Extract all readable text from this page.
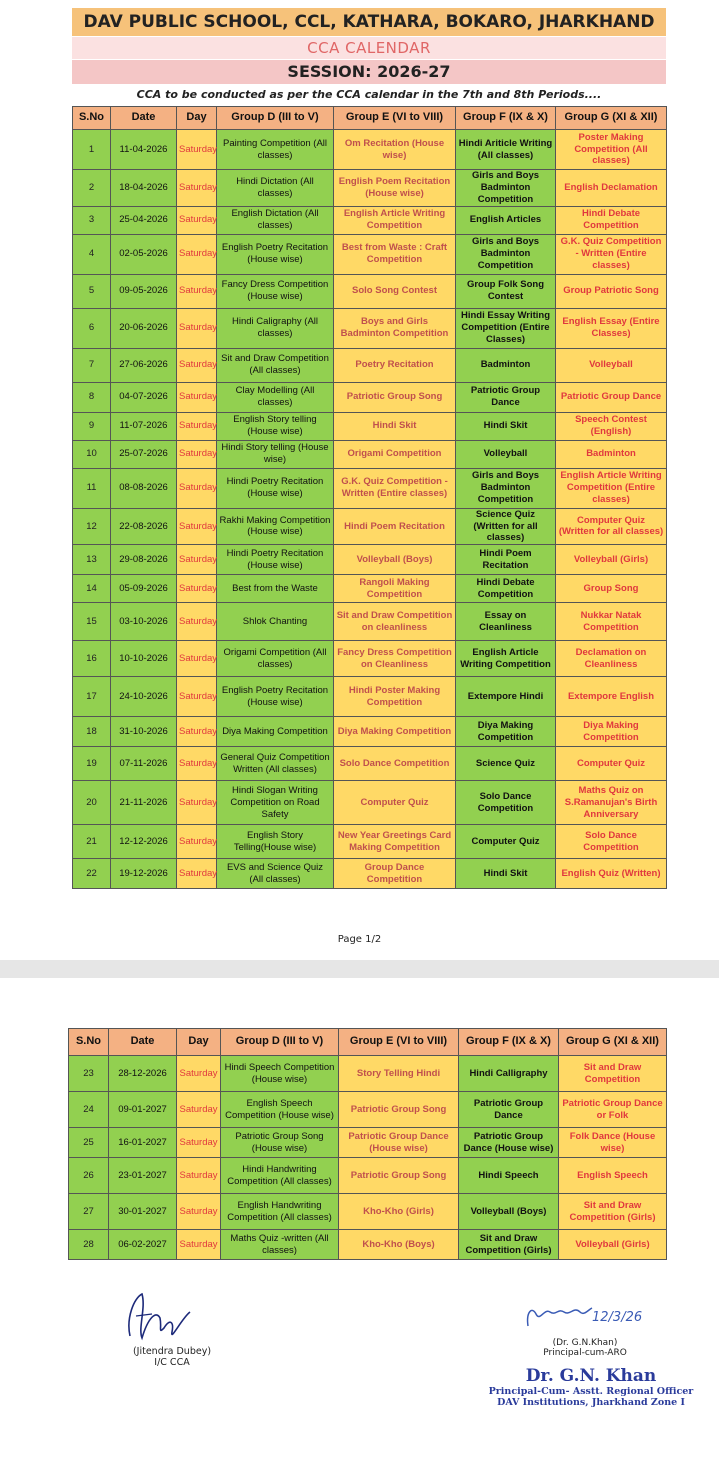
DAV PUBLIC SCHOOL, CCL, KATHARA, BOKARO, JHARKHAND
CCA CALENDAR
SESSION: 2026-27
CCA to be conducted as per the CCA calendar in the 7th and 8th Periods....
S.No	Date	Day	Group D (III to V)	Group E (VI to VIII)	Group F (IX & X)	Group G (XI & XII)
1	11-04-2026	Saturday	Painting Competition (All classes)	Om Recitation (House wise)	Hindi Ariticle Writing (All classes)	Poster Making Competition (All classes)
2	18-04-2026	Saturday	Hindi Dictation (All classes)	English Poem Recitation (House wise)	Girls and Boys Badminton Competition	English Declamation
3	25-04-2026	Saturday	English Dictation (All classes)	English Article Writing Competition	English Articles	Hindi Debate Competition
4	02-05-2026	Saturday	English Poetry Recitation (House wise)	Best from Waste : Craft Competition	Girls and Boys Badminton Competition	G.K. Quiz Competition - Written (Entire classes)
5	09-05-2026	Saturday	Fancy Dress Competition (House wise)	Solo Song Contest	Group Folk Song Contest	Group Patriotic Song
6	20-06-2026	Saturday	Hindi Caligraphy (All classes)	Boys and Girls Badminton Competition	Hindi Essay Writing Competition (Entire Classes)	English Essay (Entire Classes)
7	27-06-2026	Saturday	Sit and Draw Competition (All classes)	Poetry Recitation	Badminton	Volleyball
8	04-07-2026	Saturday	Clay Modelling (All classes)	Patriotic Group Song	Patriotic Group Dance	Patriotic Group Dance
9	11-07-2026	Saturday	English Story telling (House wise)	Hindi Skit	Hindi Skit	Speech Contest (English)
10	25-07-2026	Saturday	Hindi Story telling (House wise)	Origami Competition	Volleyball	Badminton
11	08-08-2026	Saturday	Hindi Poetry Recitation (House wise)	G.K. Quiz Competition - Written (Entire classes)	Girls and Boys Badminton Competition	English Article Writing Competition (Entire classes)
12	22-08-2026	Saturday	Rakhi Making Competition (House wise)	Hindi Poem Recitation	Science Quiz (Written for all classes)	Computer Quiz (Written for all classes)
13	29-08-2026	Saturday	Hindi Poetry Recitation (House wise)	Volleyball (Boys)	Hindi Poem Recitation	Volleyball (Girls)
14	05-09-2026	Saturday	Best from the Waste	Rangoli Making Competition	Hindi Debate Competition	Group Song
15	03-10-2026	Saturday	Shlok Chanting	Sit and Draw Competition on cleanliness	Essay on Cleanliness	Nukkar Natak Competition
16	10-10-2026	Saturday	Origami Competition (All classes)	Fancy Dress Competition on Cleanliness	English Article Writing Competition	Declamation on Cleanliness
17	24-10-2026	Saturday	English Poetry Recitation (House wise)	Hindi Poster Making Competition	Extempore Hindi	Extempore English
18	31-10-2026	Saturday	Diya Making Competition	Diya Making Competition	Diya Making Competition	Diya Making Competition
19	07-11-2026	Saturday	General Quiz Competition Written (All classes)	Solo Dance Competition	Science Quiz	Computer Quiz
20	21-11-2026	Saturday	Hindi Slogan Writing Competition on Road Safety	Computer Quiz	Solo Dance Competition	Maths Quiz on S.Ramanujan's Birth Anniversary
21	12-12-2026	Saturday	English Story Telling(House wise)	New Year Greetings Card Making Competition	Computer Quiz	Solo Dance Competition
22	19-12-2026	Saturday	EVS and Science Quiz (All classes)	Group Dance Competition	Hindi Skit	English Quiz (Written)
Page 1/2
S.No	Date	Day	Group D (III to V)	Group E (VI to VIII)	Group F (IX & X)	Group G (XI & XII)
23	28-12-2026	Saturday	Hindi Speech Competition (House wise)	Story Telling Hindi	Hindi Calligraphy	Sit and Draw Competition
24	09-01-2027	Saturday	English Speech Competition (House wise)	Patriotic Group Song	Patriotic Group Dance	Patriotic Group Dance or Folk
25	16-01-2027	Saturday	Patriotic Group Song (House wise)	Patriotic Group Dance (House wise)	Patriotic Group Dance (House wise)	Folk Dance (House wise)
26	23-01-2027	Saturday	Hindi Handwriting Competition (All classes)	Patriotic Group Song	Hindi Speech	English Speech
27	30-01-2027	Saturday	English Handwriting Competition (All classes)	Kho-Kho (Girls)	Volleyball (Boys)	Sit and Draw Competition (Girls)
28	06-02-2027	Saturday	Maths Quiz -written (All classes)	Kho-Kho (Boys)	Sit and Draw Competition (Girls)	Volleyball (Girls)
(Jitendra Dubey)
I/C CCA
(Dr. G.N.Khan)
Principal-cum-ARO
12/3/26
Dr. G.N. Khan
Principal-Cum- Asstt. Regional Officer
DAV Institutions, Jharkhand Zone I
